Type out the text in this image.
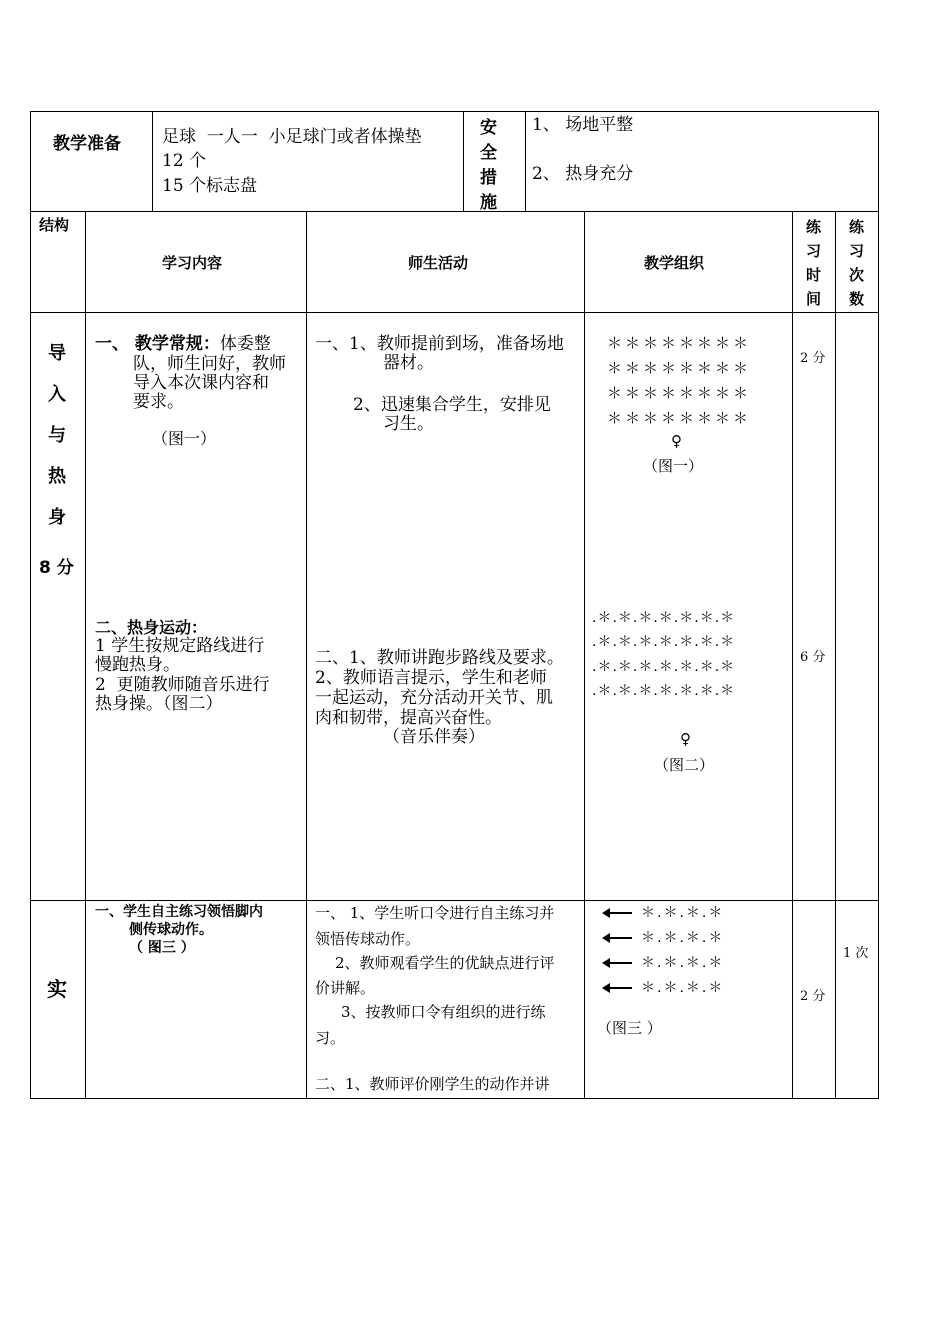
教学准备 足球  一人一  小足球门或者体操垫
12 个
15 个标志盘
安
全
措
施
1、 场地平整
2、 热身充分
结构
学习内容	师生活动	教学组织
练
习
时
间
练
习
次
数
导
入
与
热
身
8 分
一、 教学常规：体委整
队，师生问好，教师
导入本次课内容和
要求。
（图一）
一、1、教师提前到场，准备场地
器材。
2、迅速集合学生，安排见
习生。
＊＊＊＊＊＊＊＊
＊＊＊＊＊＊＊＊
＊＊＊＊＊＊＊＊
＊＊＊＊＊＊＊＊
♀
（图一）
2 分
二、热身运动：
1 学生按规定路线进行
慢跑热身。
2  更随教师随音乐进行
热身操。（图二）
二、1、教师讲跑步路线及要求。
2、教师语言提示，学生和老师
一起运动，充分活动开关节、肌
肉和韧带，提高兴奋性。
（音乐伴奏）
.＊.＊.＊.＊.＊.＊.＊
.＊.＊.＊.＊.＊.＊.＊
.＊.＊.＊.＊.＊.＊.＊
.＊.＊.＊.＊.＊.＊.＊
♀
（图二）
6 分
实
一、学生自主练习领悟脚内
侧传球动作。
（ 图三 ）
一、 1、学生听口令进行自主练习并
领悟传球动作。
2、教师观看学生的优缺点进行评
价讲解。
3、按教师口令有组织的进行练
习。
二、1、教师评价刚学生的动作并讲
＊.＊.＊.＊
＊.＊.＊.＊
＊.＊.＊.＊
＊.＊.＊.＊
（图三 ）
2 分
1 次
